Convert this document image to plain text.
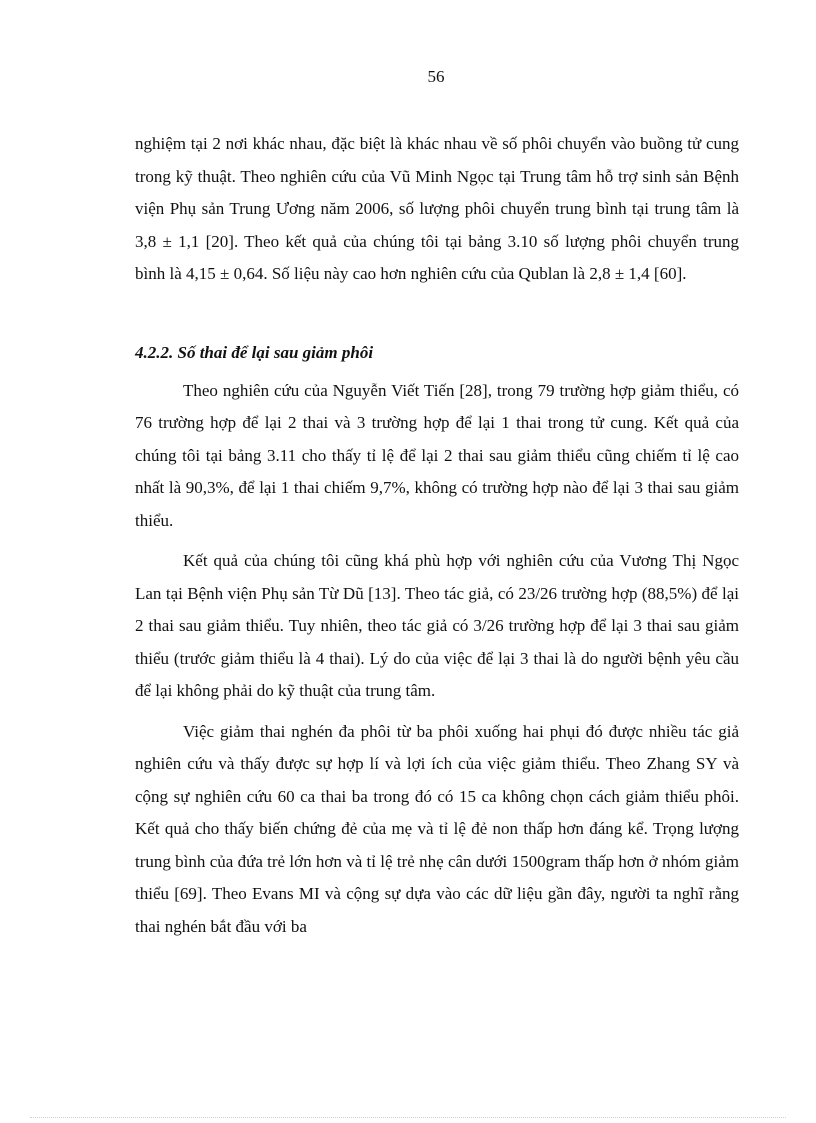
56

nghiệm tại 2 nơi khác nhau, đặc biệt là khác nhau về số phôi chuyển vào buồng tử cung trong kỹ thuật. Theo nghiên cứu của Vũ Minh Ngọc tại Trung tâm hỗ trợ sinh sản Bệnh viện Phụ sản Trung Ương năm 2006, số lượng phôi chuyển trung bình tại trung tâm là 3,8 ± 1,1 [20]. Theo kết quả của chúng tôi tại bảng 3.10 số lượng phôi chuyển trung bình là 4,15 ± 0,64. Số liệu này cao hơn nghiên cứu của Qublan là 2,8 ± 1,4 [60].

4.2.2. Số thai để lại sau giảm phôi

Theo nghiên cứu của Nguyễn Viết Tiến [28], trong 79 trường hợp giảm thiểu, có 76 trường hợp để lại 2 thai và 3 trường hợp để lại 1 thai trong tử cung. Kết quả của chúng tôi tại bảng 3.11 cho thấy tỉ lệ để lại 2 thai sau giảm thiểu cũng chiếm tỉ lệ cao nhất là 90,3%, để lại 1 thai chiếm 9,7%, không có trường hợp nào để lại 3 thai sau giảm thiểu.

Kết quả của chúng tôi cũng khá phù hợp với nghiên cứu của Vương Thị Ngọc Lan tại Bệnh viện Phụ sản Từ Dũ [13]. Theo tác giả, có 23/26 trường hợp (88,5%) để lại 2 thai sau giảm thiểu. Tuy nhiên, theo tác giả có 3/26 trường hợp để lại 3 thai sau giảm thiểu (trước giảm thiểu là 4 thai). Lý do của việc để lại 3 thai là do người bệnh yêu cầu để lại không phải do kỹ thuật của trung tâm.

Việc giảm thai nghén đa phôi từ ba phôi xuống hai phụi đó được nhiều tác giả nghiên cứu và thấy được sự hợp lí và lợi ích của việc giảm thiểu. Theo Zhang SY và cộng sự nghiên cứu 60 ca thai ba trong đó có 15 ca không chọn cách giảm thiểu phôi. Kết quả cho thấy biến chứng đẻ của mẹ và tỉ lệ đẻ non thấp hơn đáng kể. Trọng lượng trung bình của đứa trẻ lớn hơn và tỉ lệ trẻ nhẹ cân dưới 1500gram thấp hơn ở nhóm giảm thiểu [69]. Theo Evans MI và cộng sự dựa vào các dữ liệu gần đây, người ta nghĩ rằng thai nghén bắt đầu với ba
